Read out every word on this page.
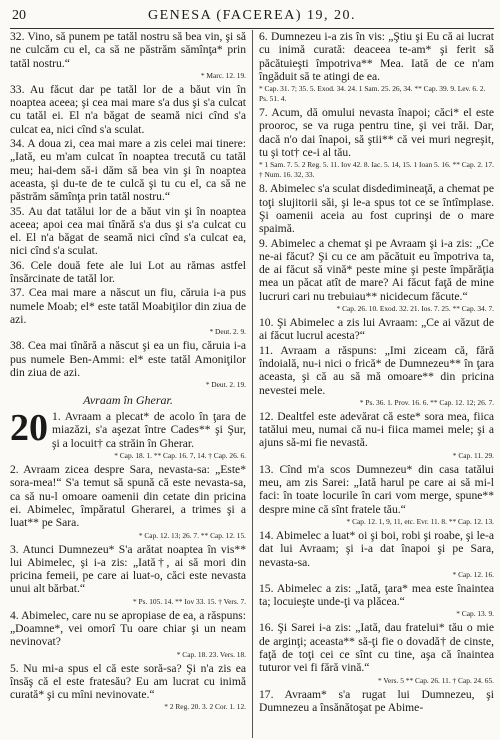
20	GENESA (FACEREA) 19, 20.

32. Vino, să punem pe tatăl nostru să bea vin, şi să ne culcăm cu el, ca să ne păstrăm sămînţa* prin tatăl nostru.“

* Marc. 12. 19.

33. Au făcut dar pe tatăl lor de a băut vin în noaptea aceea; şi cea mai mare s'a dus şi s'a culcat cu tatăl ei. El n'a băgat de seamă nici cînd s'a culcat ea, nici cînd s'a sculat.

34. A doua zi, cea mai mare a zis celei mai tinere: „Iată, eu m'am culcat în noaptea trecută cu tatăl meu; hai-dem să-i dăm să bea vin şi în noaptea aceasta, şi du-te de te culcă şi tu cu el, ca să ne păstrăm sămînţa prin tatăl nostru.“

35. Au dat tatălui lor de a băut vin şi în noaptea aceea; apoi cea mai tînără s'a dus şi s'a culcat cu el. El n'a băgat de seamă nici cînd s'a culcat ea, nici cînd s'a sculat.

36. Cele două fete ale lui Lot au rămas astfel însărcinate de tatăl lor.

37. Cea mai mare a născut un fiu, căruia i-a pus numele Moab; el* este tatăl Moabiţilor din ziua de azi.

* Deut. 2. 9.

38. Cea mai tînără a născut şi ea un fiu, căruia i-a pus numele Ben-Ammi: el* este tatăl Amoniţilor din ziua de azi.

* Deut. 2. 19.

Avraam în Gherar.
20 1. Avraam a plecat* de acolo în ţara de miazăzi, s'a aşezat între Cades** şi Şur, şi a locuit† ca străin în Gherar.

* Cap. 18. 1. ** Cap. 16. 7, 14. † Cap. 26. 6.

2. Avraam zicea despre Sara, nevasta-sa: „Este* sora-mea!“ S'a temut să spună că este nevasta-sa, ca să nu-l omoare oamenii din cetate din pricina ei. Abimelec, împăratul Gherarei, a trimes şi a luat** pe Sara.

* Cap. 12. 13; 26. 7. ** Cap. 12. 15.

3. Atunci Dumnezeu* S'a arătat noaptea în vis** lui Abimelec, şi i-a zis: „Iată†, ai să mori din pricina femeii, pe care ai luat-o, căci este nevasta unui alt bărbat.“

* Ps. 105. 14. ** Iov 33. 15. † Vers. 7.

4. Abimelec, care nu se apropiase de ea, a răspuns: „Doamne*, vei omorî Tu oare chiar şi un neam nevinovat?

* Cap. 18. 23. Vers. 18.

5. Nu mi-a spus el că este soră-sa? Şi n'a zis ea însăş că el este fratesău? Eu am lucrat cu inimă curată* şi cu mîni nevinovate.“

* 2 Reg. 20. 3. 2 Cor. 1. 12.

6. Dumnezeu i-a zis în vis: „Ştiu şi Eu că ai lucrat cu inimă curată: deaceea te-am* şi ferit să păcătuieşti împotriva** Mea. Iată de ce n'am îngăduit să te atingi de ea.

* Cap. 31. 7; 35. 5. Exod. 34. 24. 1 Sam. 25. 26, 34. ** Cap. 39. 9. Lev. 6. 2. Ps. 51. 4.

7. Acum, dă omului nevasta înapoi; căci* el este prooroc, se va ruga pentru tine, şi vei trăi. Dar, dacă n'o dai înapoi, să ştii** că vei muri negreşit, tu şi tot† ce-i al tău.

* 1 Sam. 7. 5. 2 Reg. 5. 11. Iov 42. 8. Iac. 5. 14, 15. 1 Ioan 5. 16. ** Cap. 2. 17. † Num. 16. 32, 33.

8. Abimelec s'a sculat disdedimineaţă, a chemat pe toţi slujitorii săi, şi le-a spus tot ce se întîmplase. Şi oamenii aceia au fost cuprinşi de o mare spaimă.

9. Abimelec a chemat şi pe Avraam şi i-a zis: „Ce ne-ai făcut? Şi cu ce am păcătuit eu împotriva ta, de ai făcut să vină* peste mine şi peste împărăţia mea un păcat atît de mare? Ai făcut faţă de mine lucruri cari nu trebuiau** nicidecum făcute.“

* Cap. 26. 10. Exod. 32. 21. Ios. 7. 25. ** Cap. 34. 7.

10. Şi Abimelec a zis lui Avraam: „Ce ai văzut de ai făcut lucrul acesta?“

11. Avraam a răspuns: „Imi ziceam că, fără îndoială, nu-i nici o frică* de Dumnezeu** în ţara aceasta, şi că au să mă omoare** din pricina nevestei mele.

* Ps. 36. 1. Prov. 16. 6. ** Cap. 12. 12; 26. 7.

12. Dealtfel este adevărat că este* sora mea, fiica tatălui meu, numai că nu-i fiica mamei mele; şi a ajuns să-mi fie nevastă.

* Cap. 11. 29.

13. Cînd m'a scos Dumnezeu* din casa tatălui meu, am zis Sarei: „Iată harul pe care ai să mi-l faci: în toate locurile în cari vom merge, spune** despre mine că sînt fratele tău.“

* Cap. 12. 1, 9, 11, etc. Evr. 11. 8. ** Cap. 12. 13.

14. Abimelec a luat* oi şi boi, robi şi roabe, şi le-a dat lui Avraam; şi i-a dat înapoi şi pe Sara, nevasta-sa.

* Cap. 12. 16.

15. Abimelec a zis: „Iată, ţara* mea este înaintea ta; locuieşte unde-ţi va plăcea.“

* Cap. 13. 9.

16. Şi Sarei i-a zis: „Iată, dau fratelui* tău o mie de arginţi; aceasta** să-ţi fie o dovadă† de cinste, faţă de toţi cei ce sînt cu tine, aşa că înaintea tuturor vei fi fără vină.“

* Vers. 5 ** Cap. 26. 11. † Cap. 24. 65.

17. Avraam* s'a rugat lui Dumnezeu, şi Dumnezeu a însănătoşat pe Abime-
